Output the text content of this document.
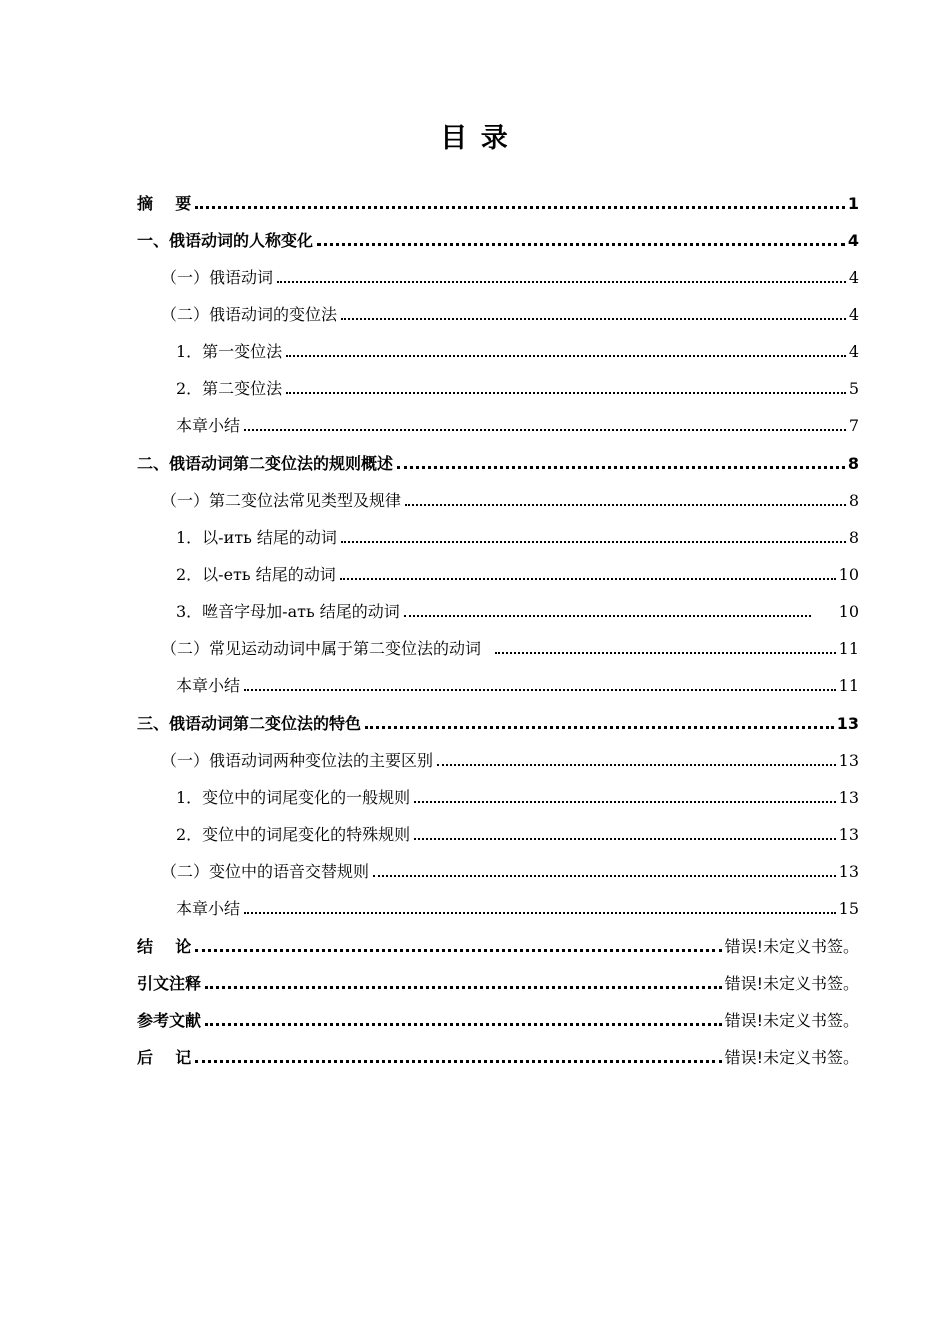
目 录
摘    要	1
一、俄语动词的人称变化	4
（一）俄语动词	4
（二）俄语动词的变位法	4
1．第一变位法	4
2．第二变位法	5
本章小结	7
二、俄语动词第二变位法的规则概述	8
（一）第二变位法常见类型及规律	8
1．以-ить 结尾的动词	8
2．以-еть 结尾的动词	10
3．咝音字母加-ать 结尾的动词	10
（二）常见运动动词中属于第二变位法的动词	11
本章小结	11
三、俄语动词第二变位法的特色	13
（一）俄语动词两种变位法的主要区别	13
1．变位中的词尾变化的一般规则	13
2．变位中的词尾变化的特殊规则	13
（二）变位中的语音交替规则	13
本章小结	15
结    论	错误!未定义书签。
引文注释	错误!未定义书签。
参考文献	错误!未定义书签。
后    记	错误!未定义书签。
